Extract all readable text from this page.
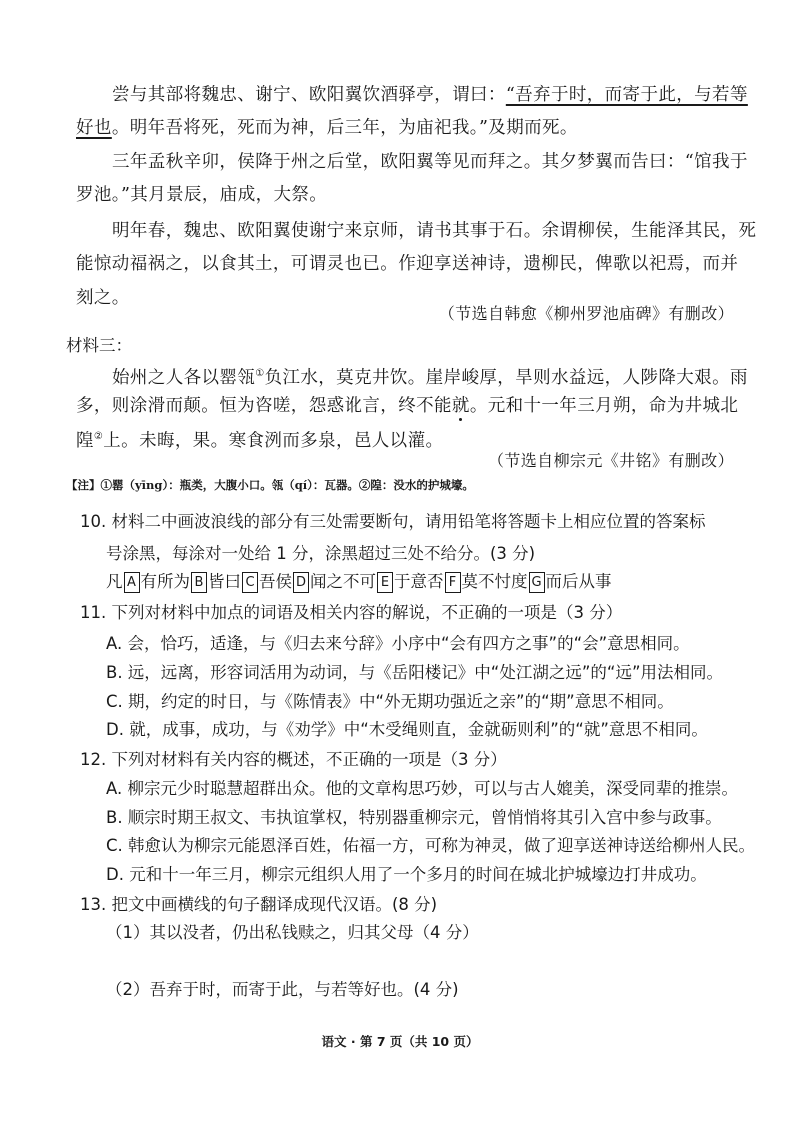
尝与其部将魏忠、谢宁、欧阳翼饮酒驿亭，谓曰：“吾弃于时，而寄于此，与若等
好也。明年吾将死，死而为神，后三年，为庙祀我。”及期而死。
三年孟秋辛卯，侯降于州之后堂，欧阳翼等见而拜之。其夕梦翼而告曰：“馆我于
罗池。”其月景辰，庙成，大祭。
明年春，魏忠、欧阳翼使谢宁来京师，请书其事于石。余谓柳侯，生能泽其民，死
能惊动福祸之，以食其土，可谓灵也已。作迎享送神诗，遗柳民，俾歌以祀焉，而并
刻之。
（节选自韩愈《柳州罗池庙碑》有删改）
材料三：
始州之人各以罂瓴①负江水，莫克井饮。崖岸峻厚，旱则水益远，人陟降大艰。雨
多，则涂滑而颠。恒为咨嗟，怨惑讹言，终不能就。元和十一年三月朔，命为井城北
隍②上。未晦，果。寒食洌而多泉，邑人以灌。
（节选自柳宗元《井铭》有删改）
【注】①罂（yīng）：瓶类，大腹小口。瓴（qí）：瓦器。②隍：没水的护城壕。
10. 材料二中画波浪线的部分有三处需要断句，请用铅笔将答题卡上相应位置的答案标
号涂黑，每涂对一处给 1 分，涂黑超过三处不给分。(3 分)
凡 A 有所为 B 皆曰 C 吾侯 D 闻之不可 E 于意否 F 莫不忖度 G 而后从事
11. 下列对材料中加点的词语及相关内容的解说，不正确的一项是（3 分）
A. 会，恰巧，适逢，与《归去来兮辞》小序中“会有四方之事”的“会”意思相同。
B. 远，远离，形容词活用为动词，与《岳阳楼记》中“处江湖之远”的“远”用法相同。
C. 期，约定的时日，与《陈情表》中“外无期功强近之亲”的“期”意思不相同。
D. 就，成事，成功，与《劝学》中“木受绳则直，金就砺则利”的“就”意思不相同。
12. 下列对材料有关内容的概述，不正确的一项是（3 分）
A. 柳宗元少时聪慧超群出众。他的文章构思巧妙，可以与古人媲美，深受同辈的推崇。
B. 顺宗时期王叔文、韦执谊掌权，特别器重柳宗元，曾悄悄将其引入宫中参与政事。
C. 韩愈认为柳宗元能恩泽百姓，佑福一方，可称为神灵，做了迎享送神诗送给柳州人民。
D. 元和十一年三月，柳宗元组织人用了一个多月的时间在城北护城壕边打井成功。
13. 把文中画横线的句子翻译成现代汉语。(8 分)
（1）其以没者，仍出私钱赎之，归其父母（4 分）
（2）吾弃于时，而寄于此，与若等好也。(4 分)
语文 · 第 7 页（共 10 页）
